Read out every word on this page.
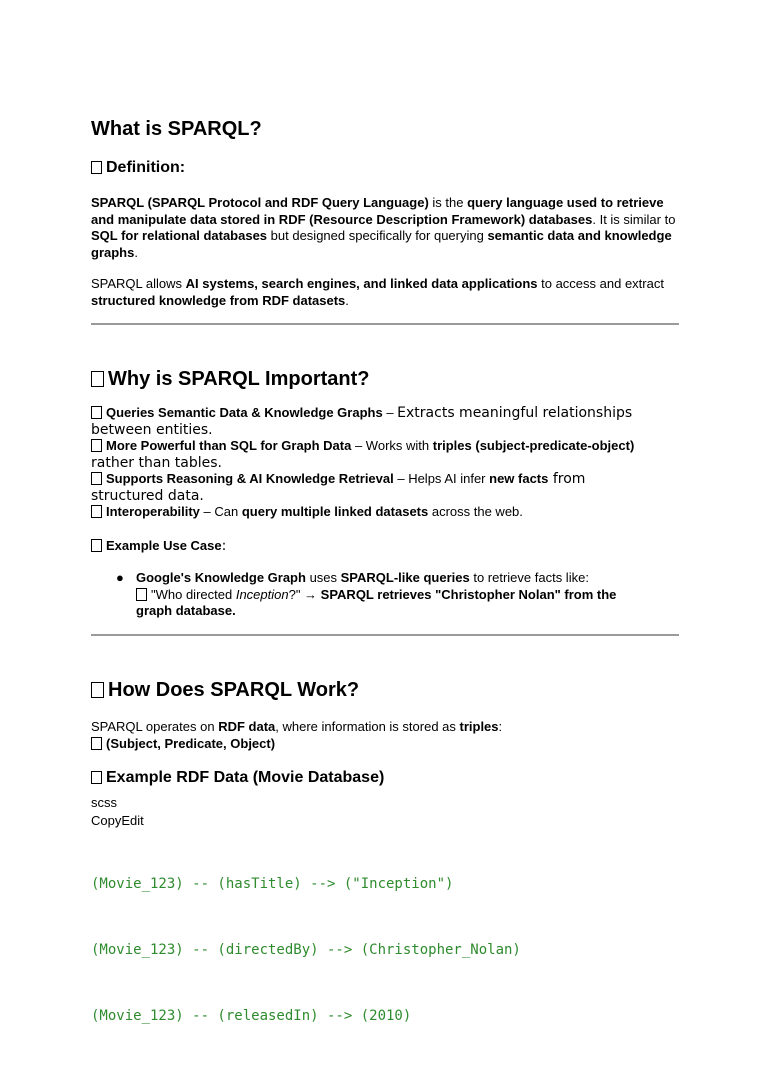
What is SPARQL?
Definition:
SPARQL (SPARQL Protocol and RDF Query Language) is the query language used to retrieve and manipulate data stored in RDF (Resource Description Framework) databases. It is similar to SQL for relational databases but designed specifically for querying semantic data and knowledge graphs.
SPARQL allows AI systems, search engines, and linked data applications to access and extract structured knowledge from RDF datasets.
Why is SPARQL Important?
Queries Semantic Data & Knowledge Graphs – Extracts meaningful relationships
between entities.
More Powerful than SQL for Graph Data – Works with triples (subject-predicate-object)
rather than tables.
Supports Reasoning & AI Knowledge Retrieval – Helps AI infer new facts from
structured data.
Interoperability – Can query multiple linked datasets across the web.
Example Use Case:
● Google's Knowledge Graph uses SPARQL-like queries to retrieve facts like:
"Who directed Inception?" → SPARQL retrieves "Christopher Nolan" from the
graph database.
How Does SPARQL Work?
SPARQL operates on RDF data, where information is stored as triples:
(Subject, Predicate, Object)
Example RDF Data (Movie Database)
scss
CopyEdit

(Movie_123) -- (hasTitle) --> ("Inception")

(Movie_123) -- (directedBy) --> (Christopher_Nolan)

(Movie_123) -- (releasedIn) --> (2010)
